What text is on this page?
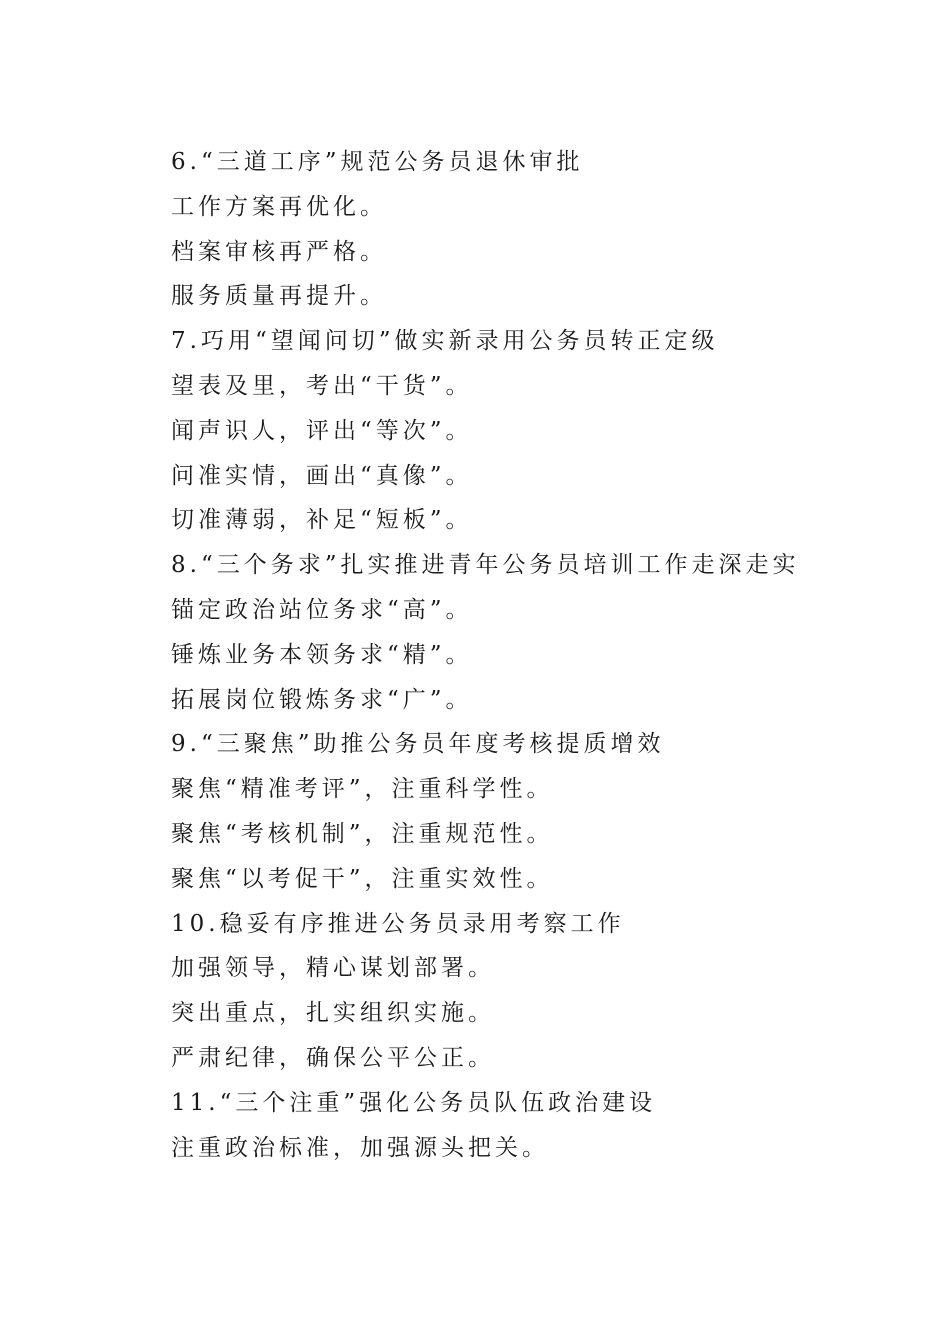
6.“三道工序”规范公务员退休审批
工作方案再优化。
档案审核再严格。
服务质量再提升。
7.巧用“望闻问切”做实新录用公务员转正定级
望表及里，考出“干货”。
闻声识人，评出“等次”。
问准实情，画出“真像”。
切准薄弱，补足“短板”。
8.“三个务求”扎实推进青年公务员培训工作走深走实
锚定政治站位务求“高”。
锤炼业务本领务求“精”。
拓展岗位锻炼务求“广”。
9.“三聚焦”助推公务员年度考核提质增效
聚焦“精准考评”，注重科学性。
聚焦“考核机制”，注重规范性。
聚焦“以考促干”，注重实效性。
10.稳妥有序推进公务员录用考察工作
加强领导，精心谋划部署。
突出重点，扎实组织实施。
严肃纪律，确保公平公正。
11.“三个注重”强化公务员队伍政治建设
注重政治标准，加强源头把关。
